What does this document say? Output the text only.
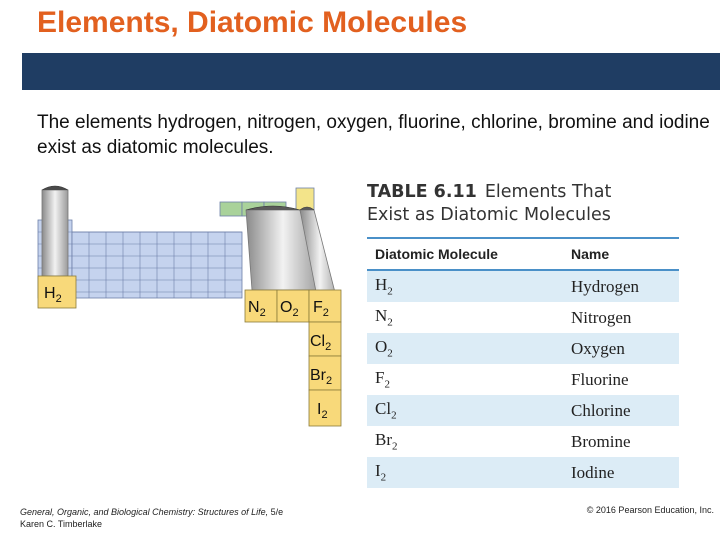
Elements, Diatomic Molecules
The elements hydrogen, nitrogen, oxygen, fluorine, chlorine, bromine and iodine exist as diatomic molecules.
$H_2$	$N_2$ $O_2$ $F_2$
$Cl_2$
$Br_2$
$I_2$
TABLE 6.11 Elements That
Exist as Diatomic Molecules
Diatomic Molecule	Name
$H_2$	Hydrogen
$N_2$	Nitrogen
$O_2$	Oxygen
$F_2$	Fluorine
$Cl_2$	Chlorine
$Br_2$	Bromine
$I_2$	Iodine
General, Organic, and Biological Chemistry: Structures of Life, 5/e
Karen C. Timberlake
© 2016 Pearson Education, Inc.
